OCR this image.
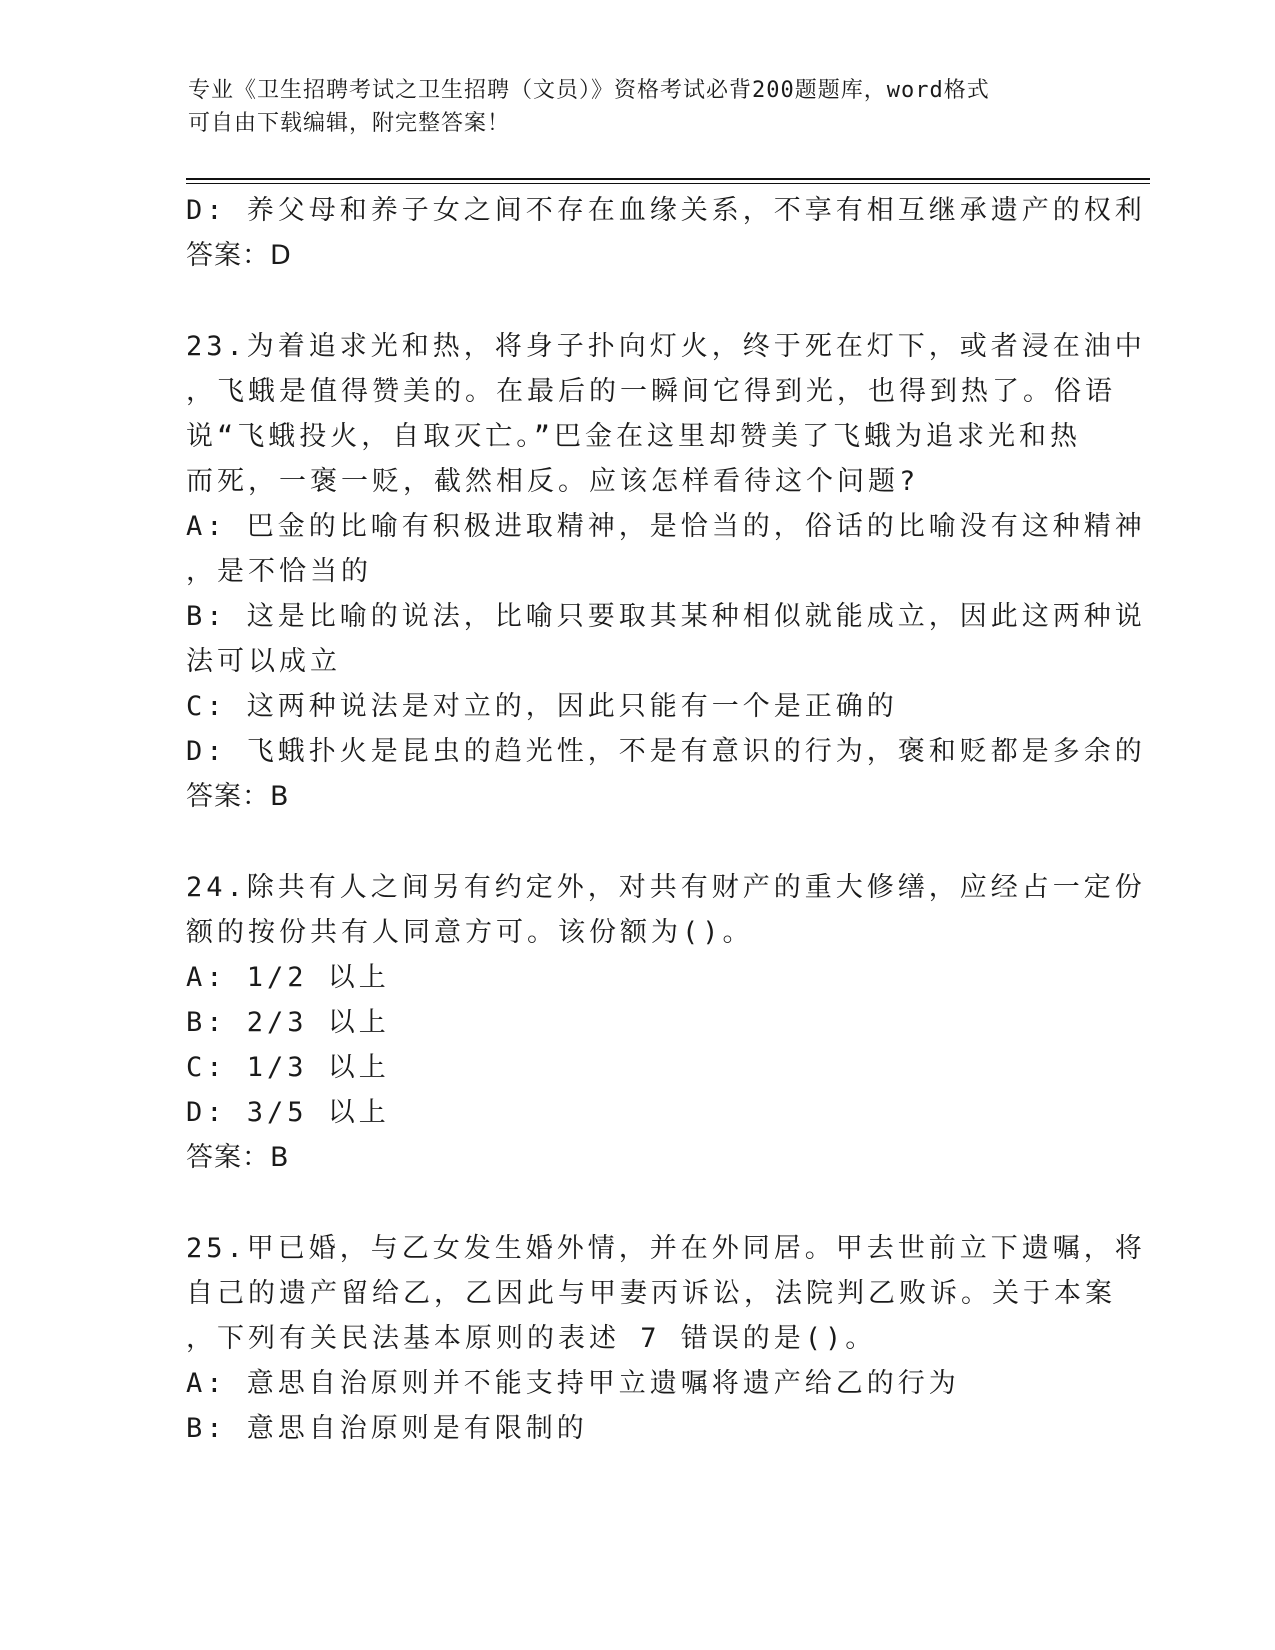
专业《卫生招聘考试之卫生招聘（文员）》资格考试必背200题题库，word格式
可自由下载编辑，附完整答案！
D: 养父母和养子女之间不存在血缘关系，不享有相互继承遗产的权利
答案：D
23.为着追求光和热，将身子扑向灯火，终于死在灯下，或者浸在油中
，飞蛾是值得赞美的。在最后的一瞬间它得到光，也得到热了。俗语
说“飞蛾投火，自取灭亡。”巴金在这里却赞美了飞蛾为追求光和热
而死，一褒一贬，截然相反。应该怎样看待这个问题?
A: 巴金的比喻有积极进取精神，是恰当的，俗话的比喻没有这种精神
，是不恰当的
B: 这是比喻的说法，比喻只要取其某种相似就能成立，因此这两种说
法可以成立
C: 这两种说法是对立的，因此只能有一个是正确的
D: 飞蛾扑火是昆虫的趋光性，不是有意识的行为，褒和贬都是多余的
答案：B
24.除共有人之间另有约定外，对共有财产的重大修缮，应经占一定份
额的按份共有人同意方可。该份额为()。
A: 1/2 以上
B: 2/3 以上
C: 1/3 以上
D: 3/5 以上
答案：B
25.甲已婚，与乙女发生婚外情，并在外同居。甲去世前立下遗嘱，将
自己的遗产留给乙，乙因此与甲妻丙诉讼，法院判乙败诉。关于本案
，下列有关民法基本原则的表述 7 错误的是()。
A: 意思自治原则并不能支持甲立遗嘱将遗产给乙的行为
B: 意思自治原则是有限制的
